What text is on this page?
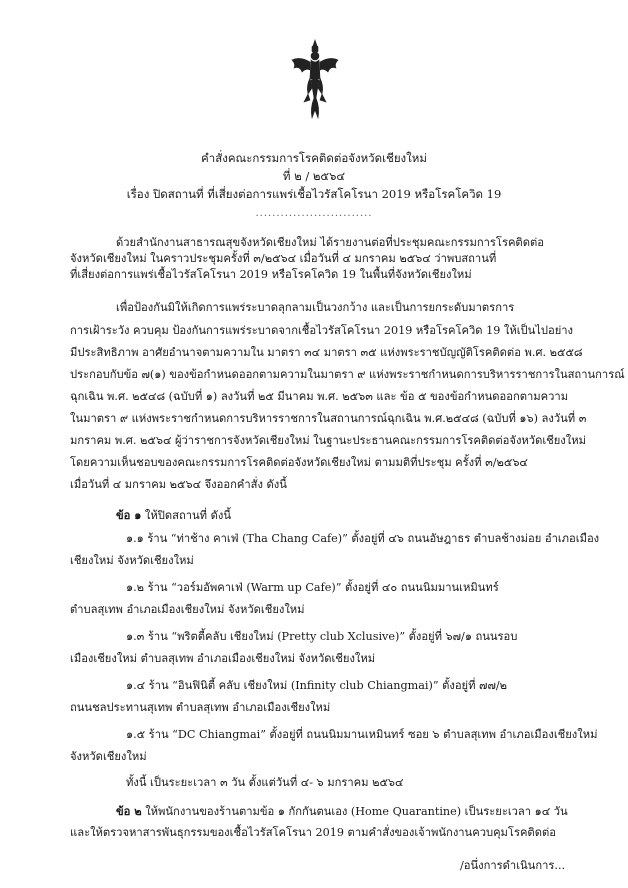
คำสั่งคณะกรรมการโรคติดต่อจังหวัดเชียงใหม่
ที่ ๒ / ๒๕๖๔
เรื่อง ปิดสถานที่ ที่เสี่ยงต่อการแพร่เชื้อไวรัสโคโรนา 2019 หรือโรคโควิด 19
............................
ด้วยสำนักงานสาธารณสุขจังหวัดเชียงใหม่ ได้รายงานต่อที่ประชุมคณะกรรมการโรคติดต่อ
จังหวัดเชียงใหม่ ในคราวประชุมครั้งที่ ๓/๒๕๖๔ เมื่อวันที่ ๔ มกราคม ๒๕๖๔ ว่าพบสถานที่
ที่เสี่ยงต่อการแพร่เชื้อไวรัสโคโรนา 2019 หรือโรคโควิด 19 ในพื้นที่จังหวัดเชียงใหม่
เพื่อป้องกันมิให้เกิดการแพร่ระบาดลุกลามเป็นวงกว้าง และเป็นการยกระดับมาตรการ
การเฝ้าระวัง ควบคุม ป้องกันการแพร่ระบาดจากเชื้อไวรัสโคโรนา 2019 หรือโรคโควิด 19 ให้เป็นไปอย่าง
มีประสิทธิภาพ อาศัยอำนาจตามความใน มาตรา ๓๔ มาตรา ๓๕ แห่งพระราชบัญญัติโรคติดต่อ พ.ศ. ๒๕๕๘
ประกอบกับข้อ ๗(๑) ของข้อกำหนดออกตามความในมาตรา ๙ แห่งพระราชกำหนดการบริหารราชการในสถานการณ์
ฉุกเฉิน พ.ศ. ๒๕๔๘ (ฉบับที่ ๑) ลงวันที่ ๒๕ มีนาคม พ.ศ. ๒๕๖๓ และ ข้อ ๕ ของข้อกำหนดออกตามความ
ในมาตรา ๙ แห่งพระราชกำหนดการบริหารราชการในสถานการณ์ฉุกเฉิน พ.ศ.๒๕๔๘ (ฉบับที่ ๑๖) ลงวันที่ ๓
มกราคม พ.ศ. ๒๕๖๔ ผู้ว่าราชการจังหวัดเชียงใหม่ ในฐานะประธานคณะกรรมการโรคติดต่อจังหวัดเชียงใหม่
โดยความเห็นชอบของคณะกรรมการโรคติดต่อจังหวัดเชียงใหม่ ตามมติที่ประชุม ครั้งที่ ๓/๒๕๖๔
เมื่อวันที่ ๔ มกราคม ๒๕๖๔ จึงออกคำสั่ง ดังนี้
ข้อ ๑ ให้ปิดสถานที่ ดังนี้
๑.๑ ร้าน “ท่าช้าง คาเฟ่ (Tha Chang Cafe)” ตั้งอยู่ที่ ๔๖ ถนนอัษฎาธร ตำบลช้างม่อย อำเภอเมือง
เชียงใหม่ จังหวัดเชียงใหม่
๑.๒ ร้าน “วอร์มอัพคาเฟ่ (Warm up Cafe)” ตั้งอยู่ที่ ๔๐ ถนนนิมมานเหมินทร์
ตำบลสุเทพ อำเภอเมืองเชียงใหม่ จังหวัดเชียงใหม่
๑.๓ ร้าน “พริตตี้คลับ เชียงใหม่ (Pretty club Xclusive)” ตั้งอยู่ที่ ๖๗/๑ ถนนรอบ
เมืองเชียงใหม่ ตำบลสุเทพ อำเภอเมืองเชียงใหม่ จังหวัดเชียงใหม่
๑.๔ ร้าน “อินฟินิตี้ คลับ เชียงใหม่ (Infinity club Chiangmai)” ตั้งอยู่ที่ ๗๗/๒
ถนนชลประทานสุเทพ ตำบลสุเทพ อำเภอเมืองเชียงใหม่
๑.๕ ร้าน “DC Chiangmai” ตั้งอยู่ที่ ถนนนิมมานเหมินทร์ ซอย ๖ ตำบลสุเทพ อำเภอเมืองเชียงใหม่
จังหวัดเชียงใหม่
ทั้งนี้ เป็นระยะเวลา ๓ วัน ตั้งแต่วันที่ ๔- ๖ มกราคม ๒๕๖๔
ข้อ ๒ ให้พนักงานของร้านตามข้อ ๑ กักกันตนเอง (Home Quarantine) เป็นระยะเวลา ๑๔ วัน
และให้ตรวจหาสารพันธุกรรมของเชื้อไวรัสโคโรนา 2019 ตามคำสั่งของเจ้าพนักงานควบคุมโรคติดต่อ
/อนึ่งการดำเนินการ...
